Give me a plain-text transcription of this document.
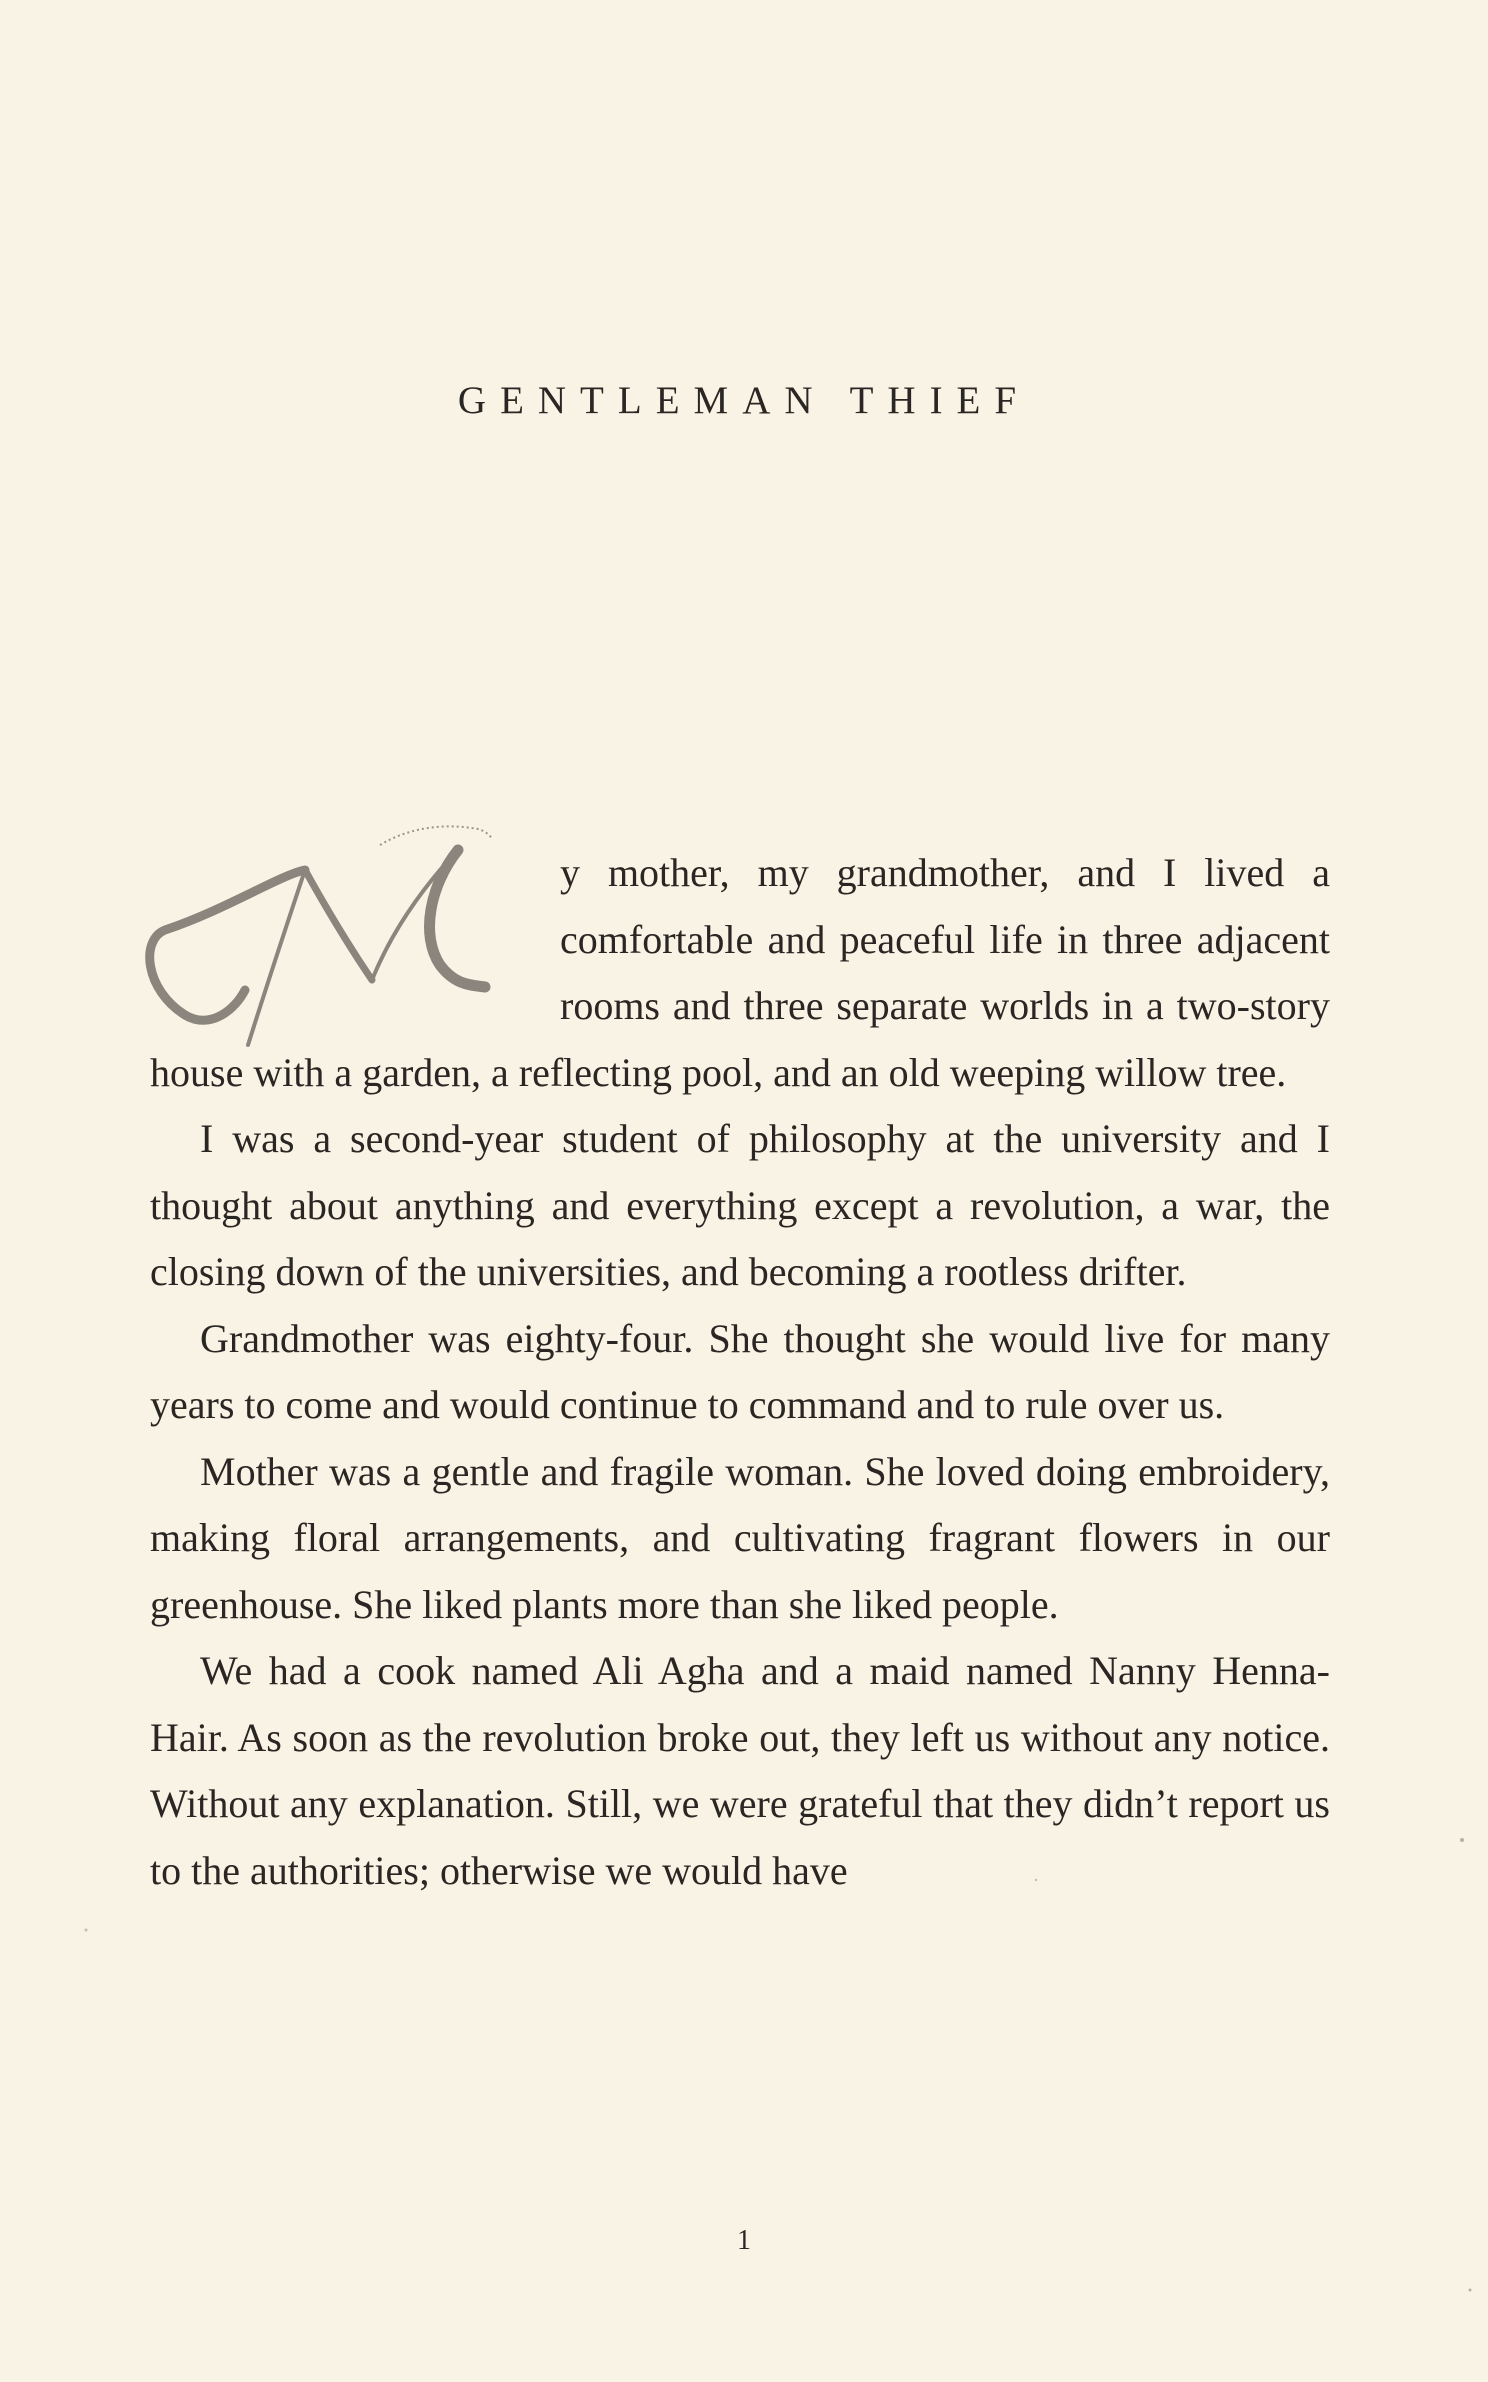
GENTLEMAN THIEF

y mother, my grandmother, and I lived a comfortable and peaceful life in three adjacent rooms and three separate worlds in a two-story house with a garden, a reflecting pool, and an old weeping willow tree.

I was a second-year student of philosophy at the university and I thought about anything and everything except a revolution, a war, the closing down of the universities, and becoming a rootless drifter.

Grandmother was eighty-four. She thought she would live for many years to come and would continue to command and to rule over us.

Mother was a gentle and fragile woman. She loved doing embroidery, making floral arrangements, and cultivating fragrant flowers in our greenhouse. She liked plants more than she liked people.

We had a cook named Ali Agha and a maid named Nanny Henna-Hair. As soon as the revolution broke out, they left us without any notice. Without any explanation. Still, we were grateful that they didn’t report us to the authorities; otherwise we would have

1
